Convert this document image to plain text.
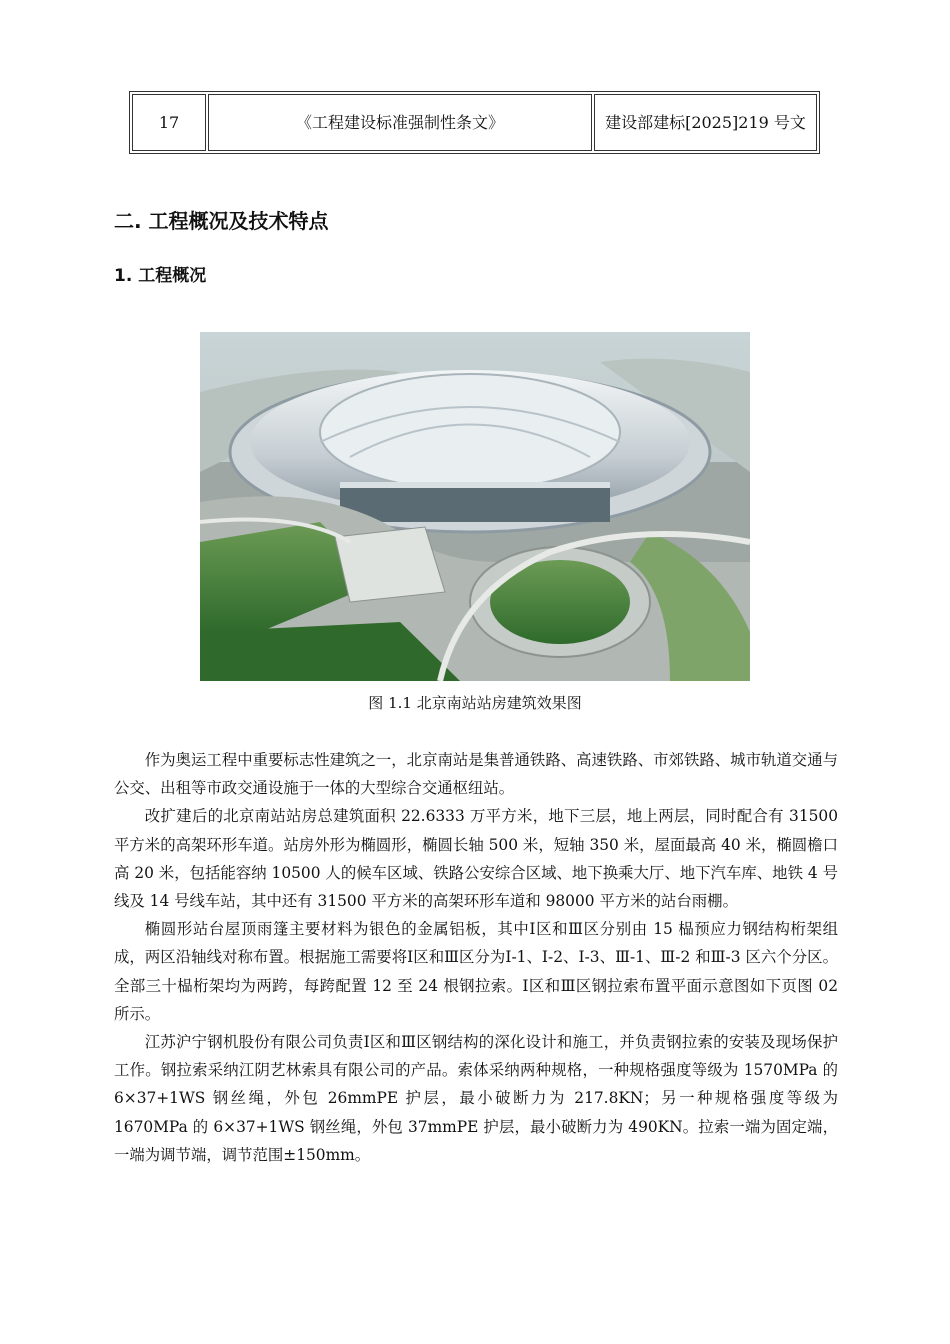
17	《工程建设标准强制性条文》	建设部建标[2025]219 号文
二. 工程概况及技术特点
1. 工程概况
图 1.1 北京南站站房建筑效果图

作为奥运工程中重要标志性建筑之一，北京南站是集普通铁路、高速铁路、市郊铁路、城市轨道交通与公交、出租等市政交通设施于一体的大型综合交通枢纽站。

改扩建后的北京南站站房总建筑面积 22.6333 万平方米，地下三层，地上两层，同时配合有 31500 平方米的高架环形车道。站房外形为椭圆形，椭圆长轴 500 米，短轴 350 米，屋面最高 40 米，椭圆檐口高 20 米，包括能容纳 10500 人的候车区域、铁路公安综合区域、地下换乘大厅、地下汽车库、地铁 4 号线及 14 号线车站，其中还有 31500 平方米的高架环形车道和 98000 平方米的站台雨棚。

椭圆形站台屋顶雨篷主要材料为银色的金属铝板，其中Ⅰ区和Ⅲ区分别由 15 榀预应力钢结构桁架组成，两区沿轴线对称布置。根据施工需要将Ⅰ区和Ⅲ区分为Ⅰ-1、Ⅰ-2、Ⅰ-3、Ⅲ-1、Ⅲ-2 和Ⅲ-3 区六个分区。全部三十榀桁架均为两跨，每跨配置 12 至 24 根钢拉索。Ⅰ区和Ⅲ区钢拉索布置平面示意图如下页图 02 所示。

江苏沪宁钢机股份有限公司负责Ⅰ区和Ⅲ区钢结构的深化设计和施工，并负责钢拉索的安装及现场保护工作。钢拉索采纳江阴艺林索具有限公司的产品。索体采纳两种规格，一种规格强度等级为 1570MPa 的 6×37+1WS 钢丝绳，外包 26mmPE 护层，最小破断力为 217.8KN；另一种规格强度等级为 1670MPa 的 6×37+1WS 钢丝绳，外包 37mmPE 护层，最小破断力为 490KN。拉索一端为固定端，一端为调节端，调节范围±150mm。
